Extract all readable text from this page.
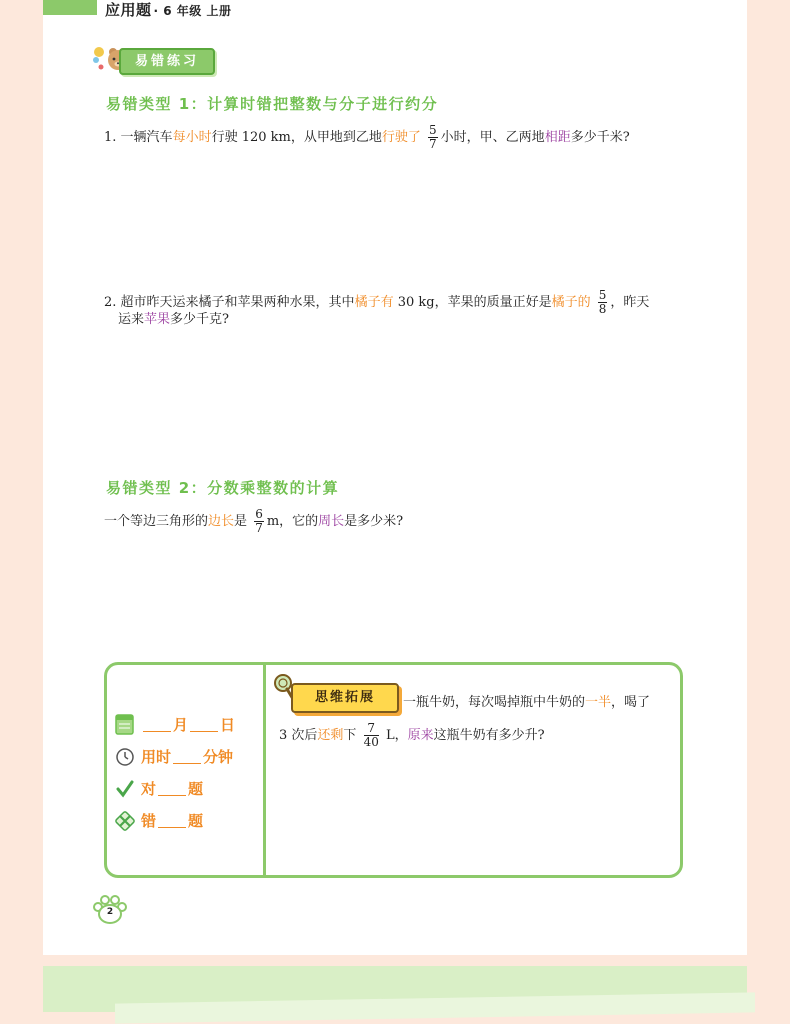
应用题 · 6 年级 上册
易错练习
易错类型 1：计算时错把整数与分子进行约分
1. 一辆汽车每小时行驶 120 km，从甲地到乙地行驶了 $\frac{5}{7}$ 小时，甲、乙两地相距多少千米?
2. 超市昨天运来橘子和苹果两种水果，其中橘子有 30 kg，苹果的质量正好是橘子的 $\frac{5}{8}$ ，昨天
运来苹果多少千克?
易错类型 2：分数乘整数的计算
一个等边三角形的边长是 $\frac{6}{7}$ m，它的周长是多少米?
月 日
用时 分钟
对 题
错 题
思维拓展	一瓶牛奶，每次喝掉瓶中牛奶的一半，喝了
3 次后还剩下 $\frac{7}{40}$ L，原来这瓶牛奶有多少升?
2
